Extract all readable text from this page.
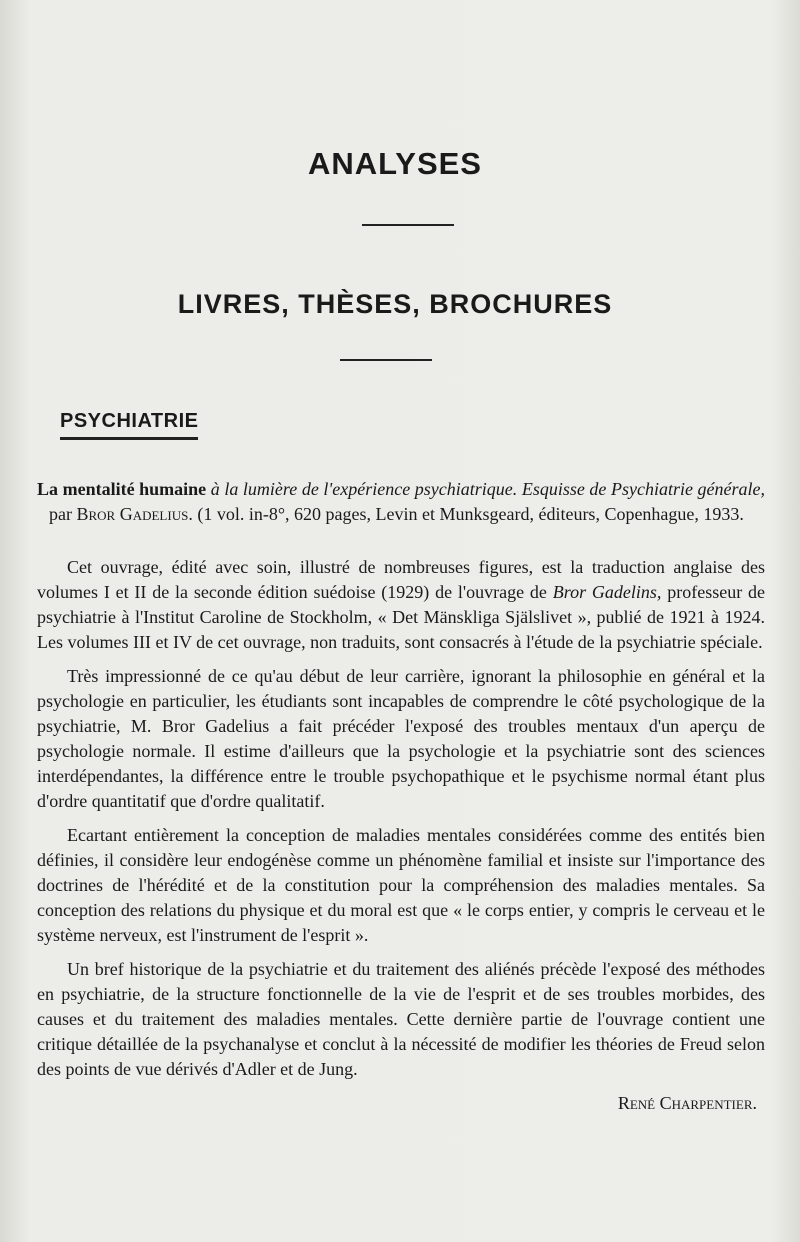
ANALYSES
LIVRES, THÈSES, BROCHURES
PSYCHIATRIE

La mentalité humaine à la lumière de l'expérience psychiatrique. Esquisse de Psychiatrie générale, par Bror Gadelius. (1 vol. in-8°, 620 pages, Levin et Munksgeard, éditeurs, Copenhague, 1933.

Cet ouvrage, édité avec soin, illustré de nombreuses figures, est la traduction anglaise des volumes I et II de la seconde édition suédoise (1929) de l'ouvrage de Bror Gadelins, professeur de psychiatrie à l'Institut Caroline de Stockholm, « Det Mänskliga Själslivet », publié de 1921 à 1924. Les volumes III et IV de cet ouvrage, non traduits, sont consacrés à l'étude de la psychiatrie spéciale.

Très impressionné de ce qu'au début de leur carrière, ignorant la philosophie en général et la psychologie en particulier, les étudiants sont incapables de comprendre le côté psychologique de la psychiatrie, M. Bror Gadelius a fait précéder l'exposé des troubles mentaux d'un aperçu de psychologie normale. Il estime d'ailleurs que la psychologie et la psychiatrie sont des sciences interdépendantes, la différence entre le trouble psychopathique et le psychisme normal étant plus d'ordre quantitatif que d'ordre qualitatif.

Ecartant entièrement la conception de maladies mentales considérées comme des entités bien définies, il considère leur endogénèse comme un phénomène familial et insiste sur l'importance des doctrines de l'hérédité et de la constitution pour la compréhension des maladies mentales. Sa conception des relations du physique et du moral est que « le corps entier, y compris le cerveau et le système nerveux, est l'instrument de l'esprit ».

Un bref historique de la psychiatrie et du traitement des aliénés précède l'exposé des méthodes en psychiatrie, de la structure fonctionnelle de la vie de l'esprit et de ses troubles morbides, des causes et du traitement des maladies mentales. Cette dernière partie de l'ouvrage contient une critique détaillée de la psychanalyse et conclut à la nécessité de modifier les théories de Freud selon des points de vue dérivés d'Adler et de Jung.

René Charpentier.
